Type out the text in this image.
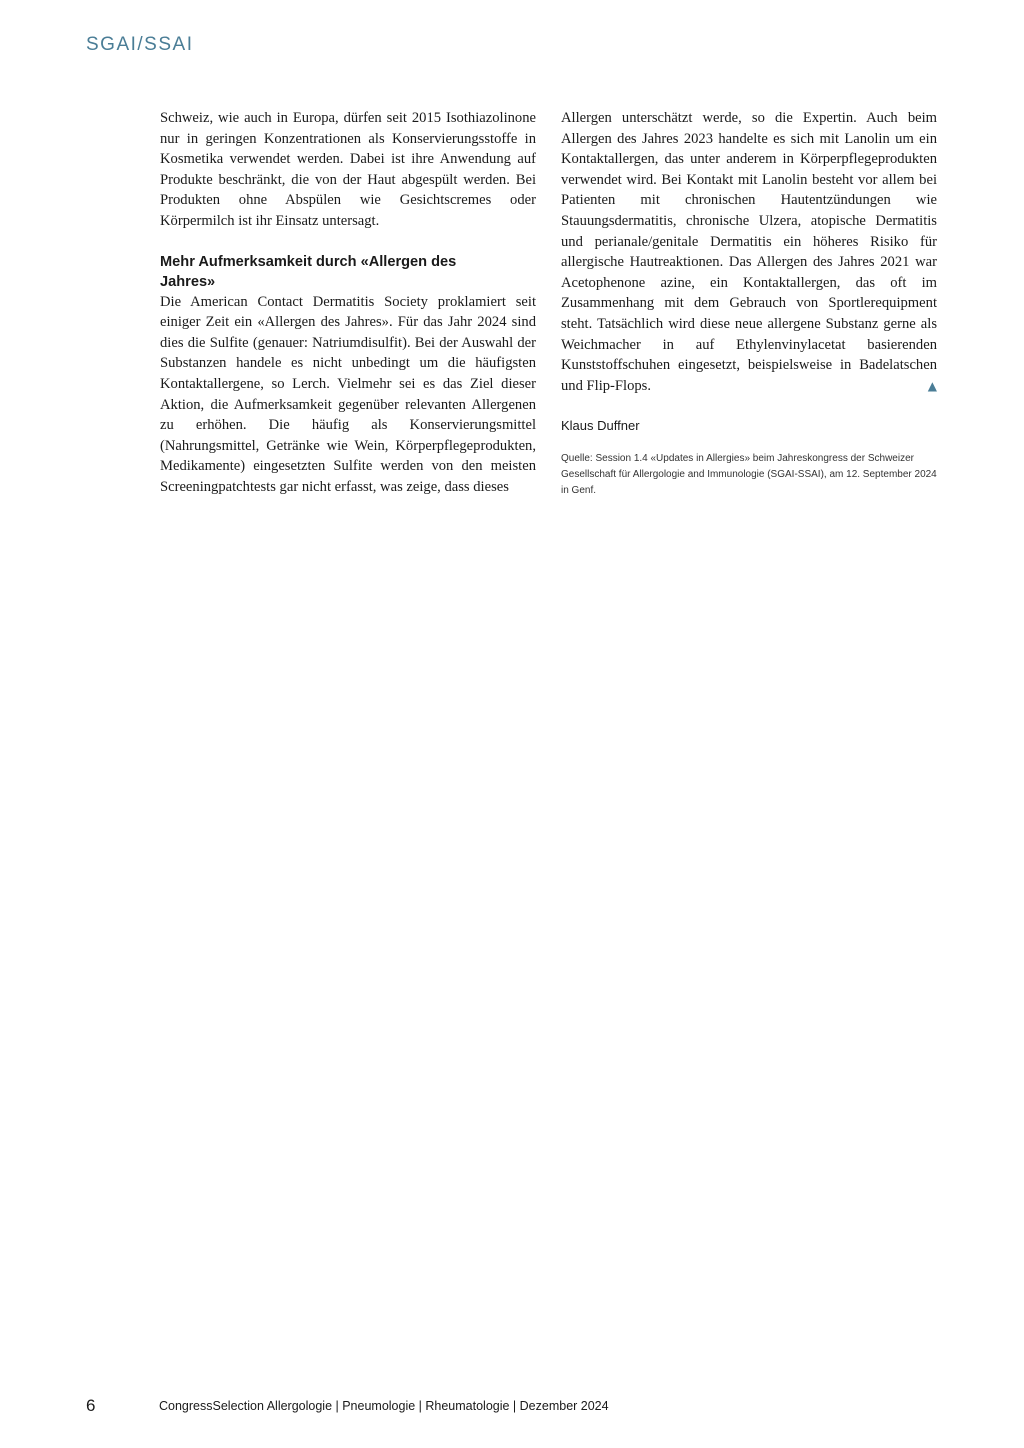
SGAI/SSAI

Schweiz, wie auch in Europa, dürfen seit 2015 Isothiazolinone nur in geringen Konzentrationen als Konservierungsstoffe in Kosmetika verwendet werden. Dabei ist ihre Anwendung auf Produkte beschränkt, die von der Haut abgespült werden. Bei Produkten ohne Abspülen wie Gesichtscremes oder Körpermilch ist ihr Einsatz untersagt.

Mehr Aufmerksamkeit durch «Allergen des Jahres»

Die American Contact Dermatitis Society proklamiert seit einiger Zeit ein «Allergen des Jahres». Für das Jahr 2024 sind dies die Sulfite (genauer: Natriumdisulfit). Bei der Auswahl der Substanzen handele es nicht unbedingt um die häufigsten Kontaktallergene, so Lerch. Vielmehr sei es das Ziel dieser Aktion, die Aufmerksamkeit gegenüber relevanten Allergenen zu erhöhen. Die häufig als Konservierungsmittel (Nahrungsmittel, Getränke wie Wein, Körperpflegeprodukten, Medikamente) eingesetzten Sulfite werden von den meisten Screeningpatchtests gar nicht erfasst, was zeige, dass dieses

Allergen unterschätzt werde, so die Expertin. Auch beim Allergen des Jahres 2023 handelte es sich mit Lanolin um ein Kontaktallergen, das unter anderem in Körperpflegeprodukten verwendet wird. Bei Kontakt mit Lanolin besteht vor allem bei Patienten mit chronischen Hautentzündungen wie Stauungsdermatitis, chronische Ulzera, atopische Dermatitis und perianale/genitale Dermatitis ein höheres Risiko für allergische Hautreaktionen. Das Allergen des Jahres 2021 war Acetophenone azine, ein Kontaktallergen, das oft im Zusammenhang mit dem Gebrauch von Sportlerequipment steht. Tatsächlich wird diese neue allergene Substanz gerne als Weichmacher in auf Ethylenvinylacetat basierenden Kunststoffschuhen eingesetzt, beispielsweise in Badelatschen und Flip-Flops.	▲

Klaus Duffner
Quelle: Session 1.4 «Updates in Allergies» beim Jahreskongress der Schweizer Gesellschaft für Allergologie and Immunologie (SGAI-SSAI), am 12. September 2024 in Genf.
6	CongressSelection Allergologie | Pneumologie | Rheumatologie | Dezember 2024
